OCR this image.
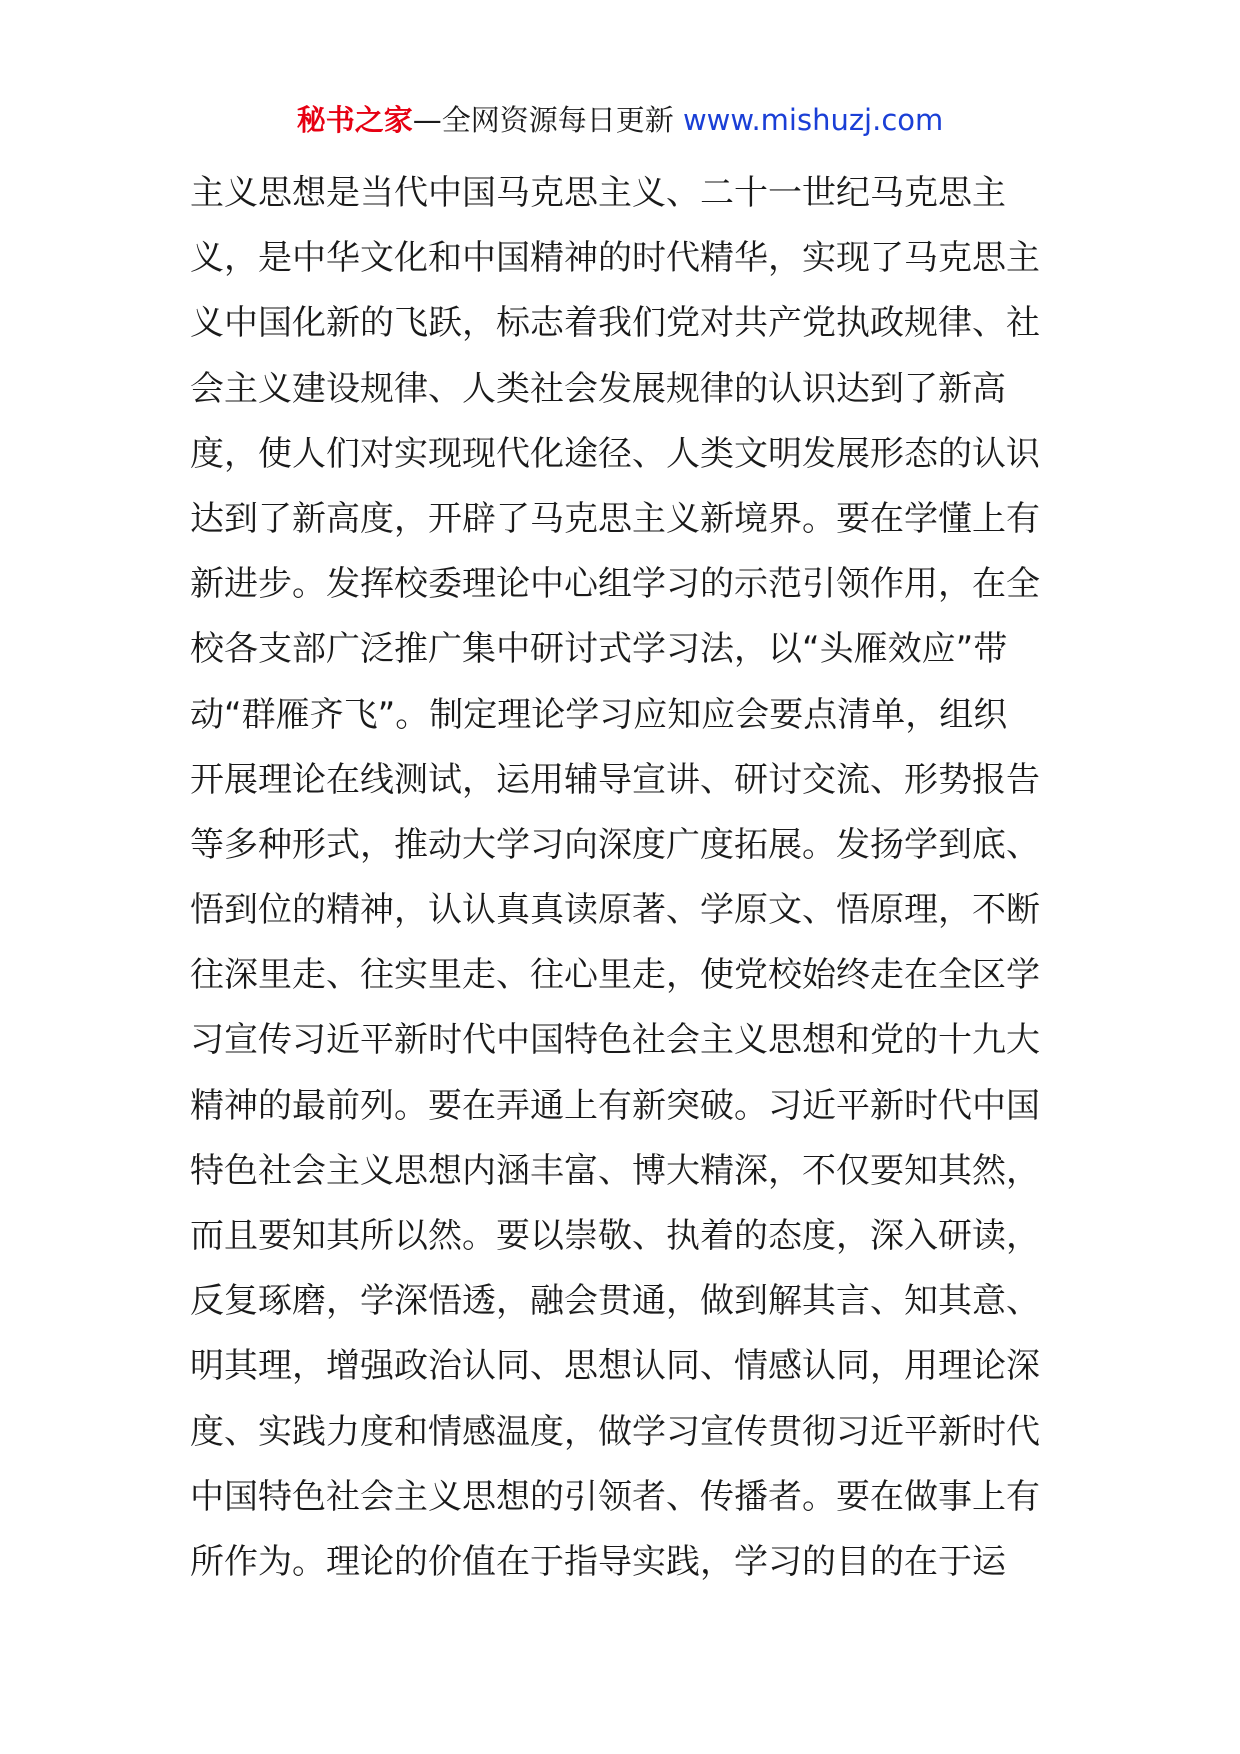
秘书之家—全网资源每日更新 www.mishuzj.com
主义思想是当代中国马克思主义、二十一世纪马克思主
义，是中华文化和中国精神的时代精华，实现了马克思主
义中国化新的飞跃，标志着我们党对共产党执政规律、社
会主义建设规律、人类社会发展规律的认识达到了新高
度，使人们对实现现代化途径、人类文明发展形态的认识
达到了新高度，开辟了马克思主义新境界。要在学懂上有
新进步。发挥校委理论中心组学习的示范引领作用，在全
校各支部广泛推广集中研讨式学习法，以“头雁效应”带
动“群雁齐飞”。制定理论学习应知应会要点清单，组织
开展理论在线测试，运用辅导宣讲、研讨交流、形势报告
等多种形式，推动大学习向深度广度拓展。发扬学到底、
悟到位的精神，认认真真读原著、学原文、悟原理，不断
往深里走、往实里走、往心里走，使党校始终走在全区学
习宣传习近平新时代中国特色社会主义思想和党的十九大
精神的最前列。要在弄通上有新突破。习近平新时代中国
特色社会主义思想内涵丰富、博大精深，不仅要知其然，
而且要知其所以然。要以崇敬、执着的态度，深入研读，
反复琢磨，学深悟透，融会贯通，做到解其言、知其意、
明其理，增强政治认同、思想认同、情感认同，用理论深
度、实践力度和情感温度，做学习宣传贯彻习近平新时代
中国特色社会主义思想的引领者、传播者。要在做事上有
所作为。理论的价值在于指导实践，学习的目的在于运
